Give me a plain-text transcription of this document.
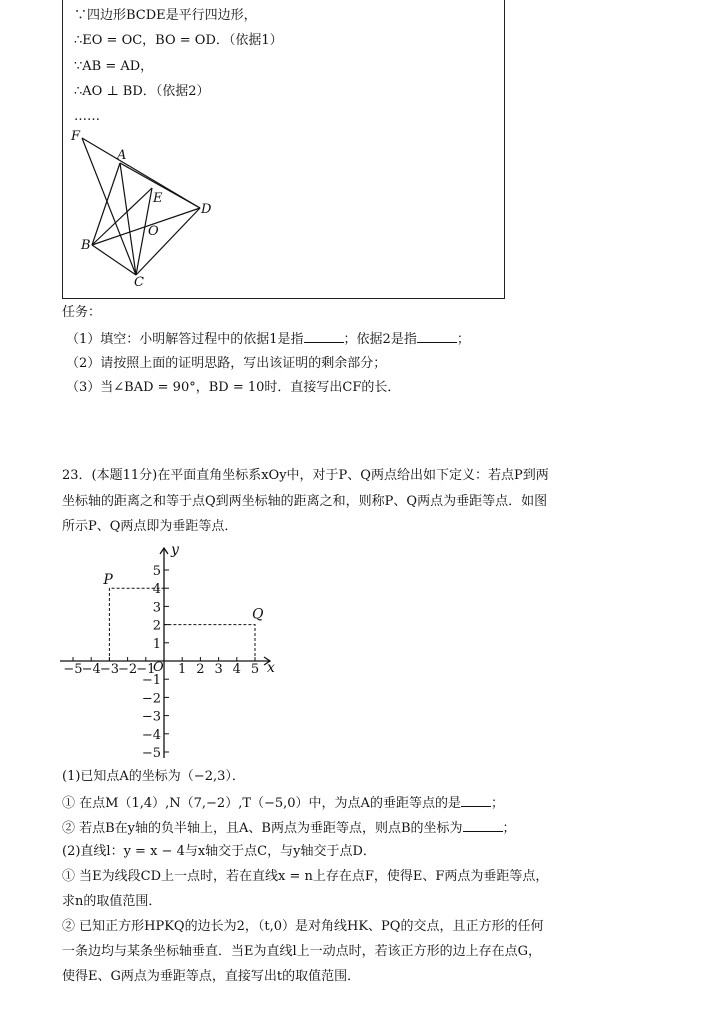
∵四边形BCDE是平行四边形，
∴EO = OC，BO = OD．（依据1）
∵AB = AD，
∴AO ⊥ BD．（依据2）
……
F
A
E
D
O
B
C
任务：
（1）填空：小明解答过程中的依据1是指	；依据2是指	；
（2）请按照上面的证明思路，写出该证明的剩余部分；
（3）当∠BAD = 90°，BD = 10时．直接写出CF的长．
23．(本题11分)在平面直角坐标系xOy中，对于P、Q两点给出如下定义：若点P到两
坐标轴的距离之和等于点Q到两坐标轴的距离之和，则称P、Q两点为垂距等点．如图
所示P、Q两点即为垂距等点．
−5 −4 −3 −2 −1 1 2 3 4 5
5
4
3
2
1
−1
−2
−3
−4
−5
y
x
O
P
Q
(1)已知点A的坐标为（−2,3）．
① 在点M（1,4）,N（7,−2）,T（−5,0）中，为点A的垂距等点的是 ；
② 若点B在y轴的负半轴上，且A、B两点为垂距等点，则点B的坐标为	；
(2)直线l：y = x − 4与x轴交于点C，与y轴交于点D．
① 当E为线段CD上一点时，若在直线x = n上存在点F，使得E、F两点为垂距等点，
求n的取值范围．
② 已知正方形HPKQ的边长为2，（t,0）是对角线HK、PQ的交点，且正方形的任何
一条边均与某条坐标轴垂直．当E为直线l上一动点时，若该正方形的边上存在点G，
使得E、G两点为垂距等点，直接写出t的取值范围．
